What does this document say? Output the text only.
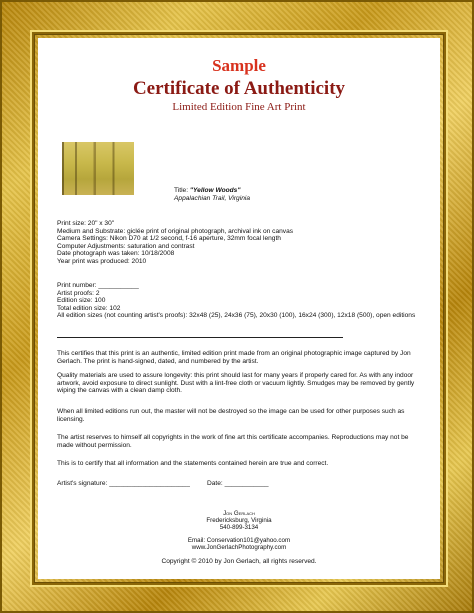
Sample
Certificate of Authenticity
Limited Edition Fine Art Print
Title: "Yellow Woods"
Appalachian Trail, Virginia
Print size: 20" x 30"
Medium and Substrate: giclée print of original photograph, archival ink on canvas
Camera Settings: Nikon D70 at 1/2 second, f-16 aperture, 32mm focal length
Computer Adjustments: saturation and contrast
Date photograph was taken: 10/18/2008
Year print was produced: 2010
Print number: ___________
Artist proofs: 2
Edition size: 100
Total edition size: 102
All edition sizes (not counting artist's proofs): 32x48 (25), 24x36 (75), 20x30 (100), 16x24 (300), 12x18 (500), open editions
This certifies that this print is an authentic, limited edition print made from an original photographic image captured by Jon Gerlach. The print is hand-signed, dated, and numbered by the artist.
Quality materials are used to assure longevity: this print should last for many years if properly cared for. As with any indoor artwork, avoid exposure to direct sunlight. Dust with a lint-free cloth or vacuum lightly. Smudges may be removed by gently wiping the canvas with a clean damp cloth.
When all limited editions run out, the master will not be destroyed so the image can be used for other purposes such as licensing.
The artist reserves to himself all copyrights in the work of fine art this certificate accompanies. Reproductions may not be made without permission.
This is to certify that all information and the statements contained herein are true and correct.
Artist's signature: ______________________	Date: ____________
Jon Gerlach
Fredericksburg, Virginia
540-899-3134
Email: Conservation101@yahoo.com
www.JonGerlachPhotography.com
Copyright © 2010 by Jon Gerlach, all rights reserved.
